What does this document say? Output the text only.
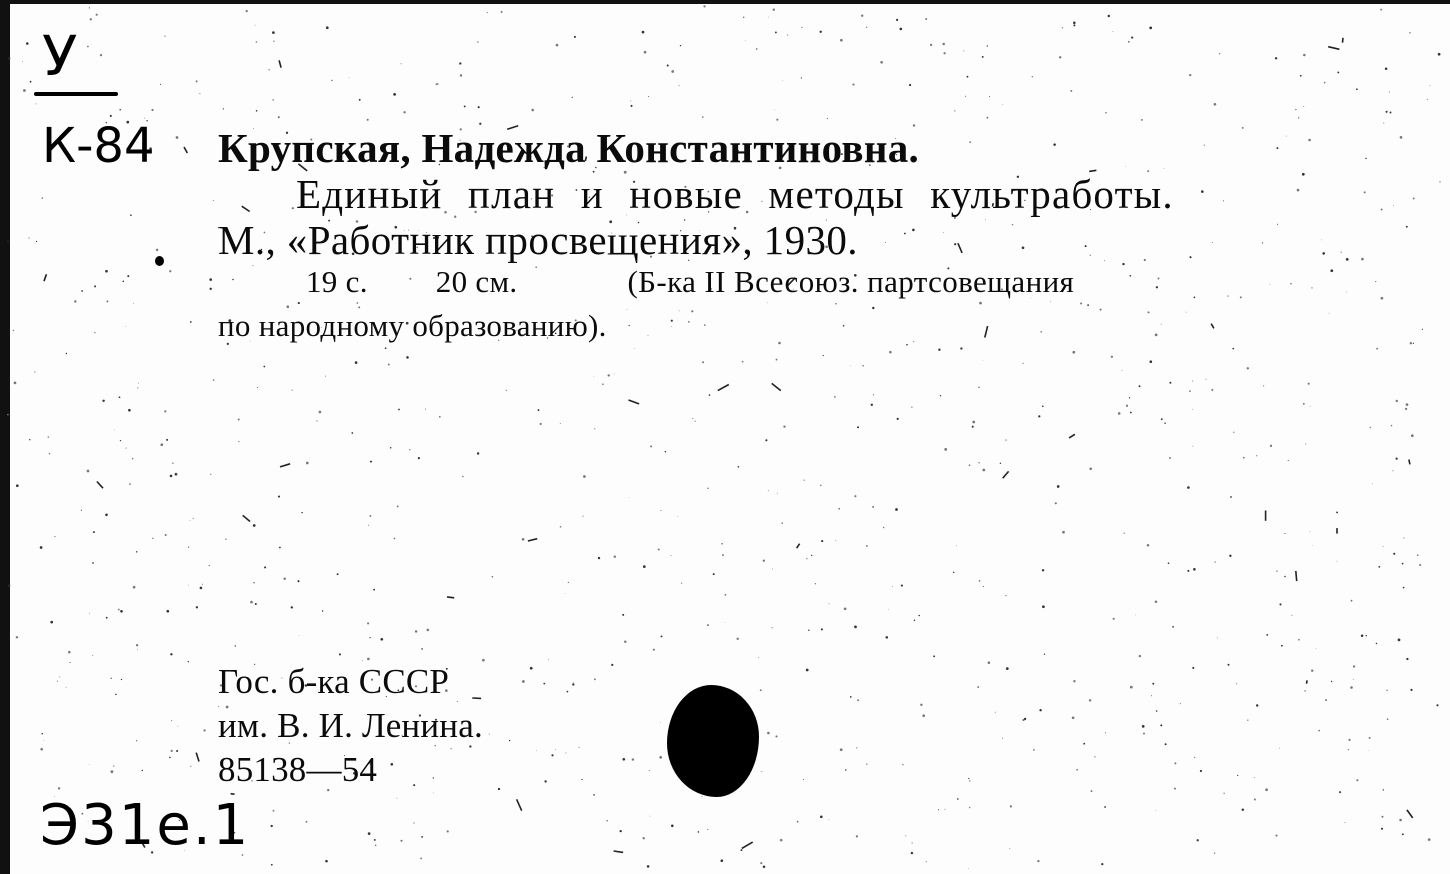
У
К-84 Крупская, Надежда Константиновна.
Единый план и новые методы культработы.
М., «Работник просвещения», 1930.
19 с. 20 см.	(Б-ка II Всесоюз. партсовещания
по народному образованию).
Гос. б-ка СССР
им. В. И. Ленина.
85138—54
Э31е.1
